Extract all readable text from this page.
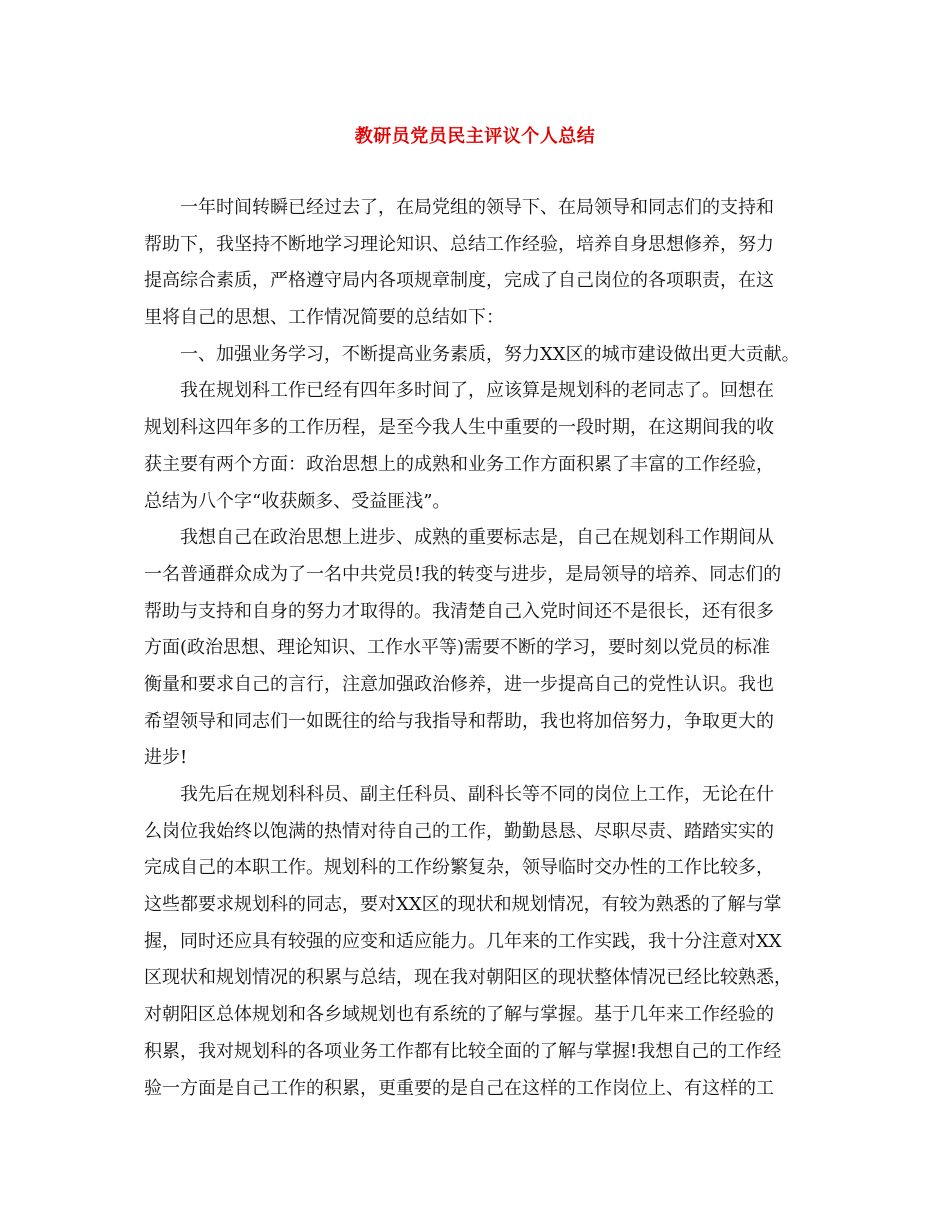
教研员党员民主评议个人总结
一年时间转瞬已经过去了，在局党组的领导下、在局领导和同志们的支持和
帮助下，我坚持不断地学习理论知识、总结工作经验，培养自身思想修养，努力
提高综合素质，严格遵守局内各项规章制度，完成了自己岗位的各项职责，在这
里将自己的思想、工作情况简要的总结如下：
一、加强业务学习，不断提高业务素质，努力XX区的城市建设做出更大贡献。
我在规划科工作已经有四年多时间了，应该算是规划科的老同志了。回想在
规划科这四年多的工作历程，是至今我人生中重要的一段时期，在这期间我的收
获主要有两个方面：政治思想上的成熟和业务工作方面积累了丰富的工作经验，
总结为八个字“收获颇多、受益匪浅”。
我想自己在政治思想上进步、成熟的重要标志是，自己在规划科工作期间从
一名普通群众成为了一名中共党员!我的转变与进步，是局领导的培养、同志们的
帮助与支持和自身的努力才取得的。我清楚自己入党时间还不是很长，还有很多
方面(政治思想、理论知识、工作水平等)需要不断的学习，要时刻以党员的标准
衡量和要求自己的言行，注意加强政治修养，进一步提高自己的党性认识。我也
希望领导和同志们一如既往的给与我指导和帮助，我也将加倍努力，争取更大的
进步!
我先后在规划科科员、副主任科员、副科长等不同的岗位上工作，无论在什
么岗位我始终以饱满的热情对待自己的工作，勤勤恳恳、尽职尽责、踏踏实实的
完成自己的本职工作。规划科的工作纷繁复杂，领导临时交办性的工作比较多，
这些都要求规划科的同志，要对XX区的现状和规划情况，有较为熟悉的了解与掌
握，同时还应具有较强的应变和适应能力。几年来的工作实践，我十分注意对XX
区现状和规划情况的积累与总结，现在我对朝阳区的现状整体情况已经比较熟悉，
对朝阳区总体规划和各乡域规划也有系统的了解与掌握。基于几年来工作经验的
积累，我对规划科的各项业务工作都有比较全面的了解与掌握!我想自己的工作经
验一方面是自己工作的积累，更重要的是自己在这样的工作岗位上、有这样的工
